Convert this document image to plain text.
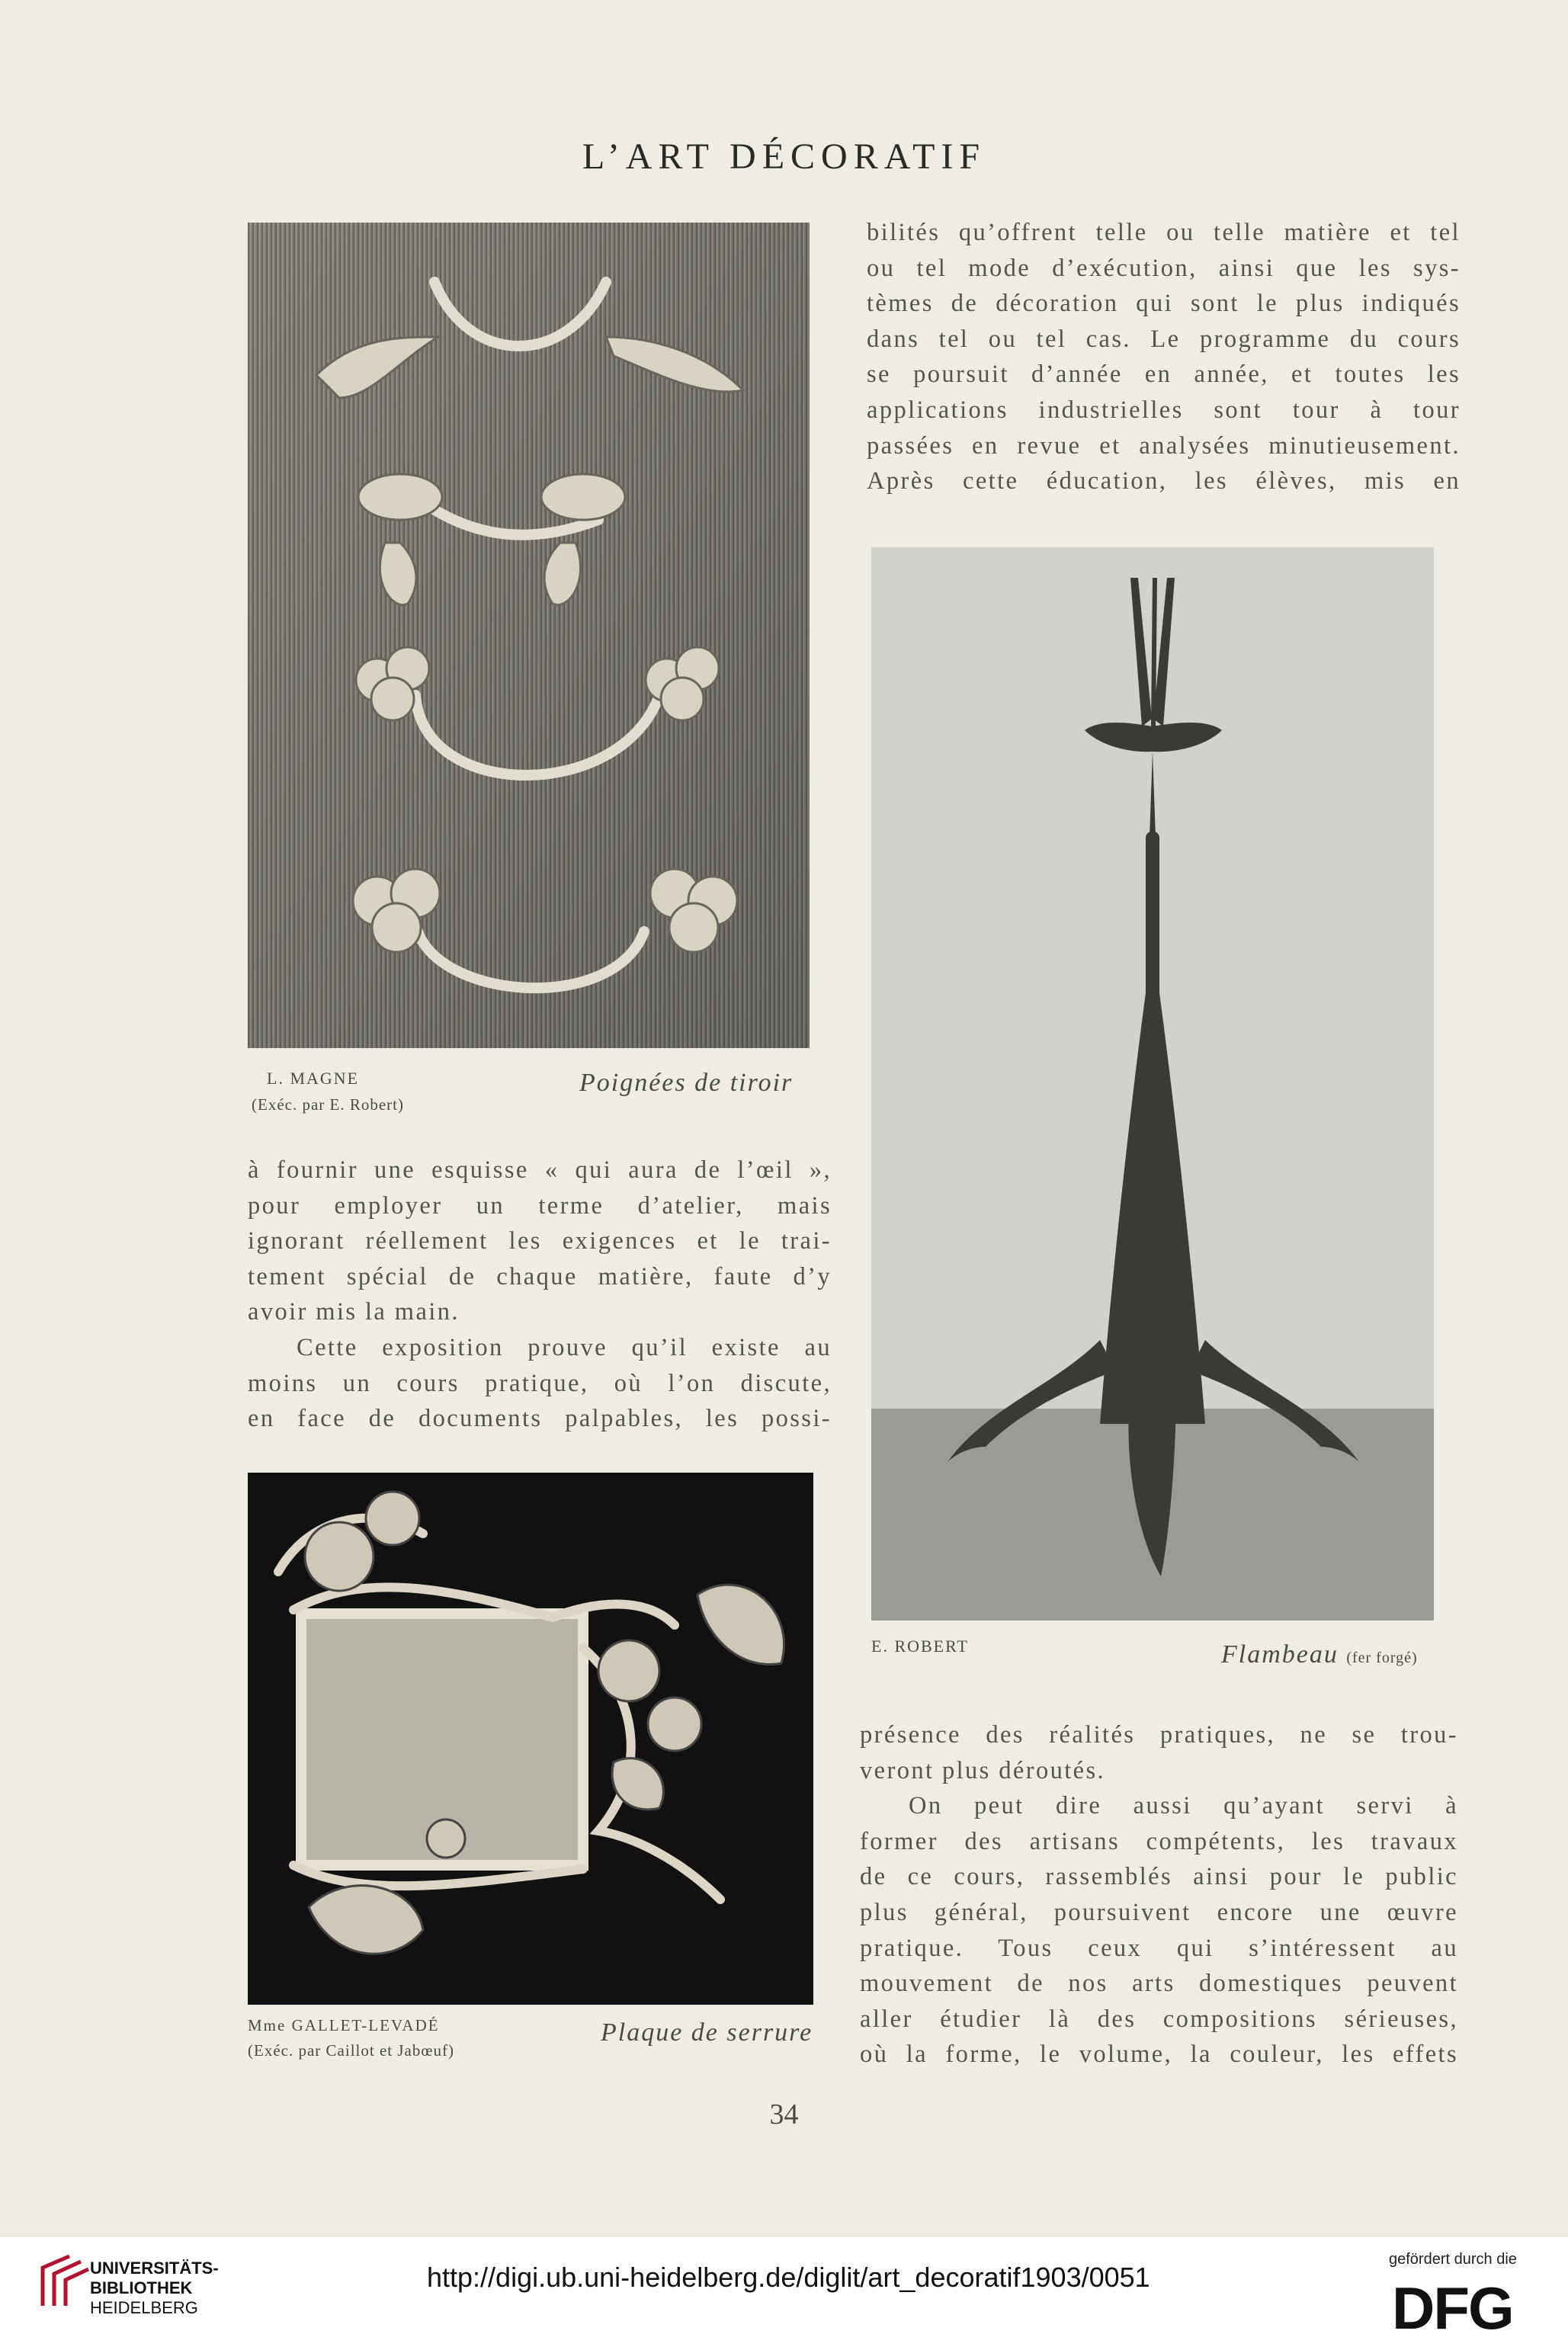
L’ART DÉCORATIF
L. MAGNE
(Exéc. par E. Robert)
Poignées de tiroir
E. ROBERT	Flambeau (fer forgé)
Mme GALLET-LEVADÉ
(Exéc. par Caillot et Jabœuf)
Plaque de serrure
bilités qu’offrent telle ou telle matière et tel
ou tel mode d’exécution, ainsi que les sys-
tèmes de décoration qui sont le plus indiqués
dans tel ou tel cas. Le programme du cours
se poursuit d’année en année, et toutes les
applications industrielles sont tour à tour
passées en revue et analysées minutieusement.
Après cette éducation, les élèves, mis en
à fournir une esquisse « qui aura de l’œil »,
pour employer un terme d’atelier, mais
ignorant réellement les exigences et le trai-
tement spécial de chaque matière, faute d’y
avoir mis la main.
Cette exposition prouve qu’il existe au
moins un cours pratique, où l’on discute,
en face de documents palpables, les possi-
présence des réalités pratiques, ne se trou-
veront plus déroutés.
On peut dire aussi qu’ayant servi à
former des artisans compétents, les travaux
de ce cours, rassemblés ainsi pour le public
plus général, poursuivent encore une œuvre
pratique. Tous ceux qui s’intéressent au
mouvement de nos arts domestiques peuvent
aller étudier là des compositions sérieuses,
où la forme, le volume, la couleur, les effets
34
UNIVERSITÄTS-
BIBLIOTHEK
HEIDELBERG
http://digi.ub.uni-heidelberg.de/diglit/art_decoratif1903/0051
gefördert durch die
DFG
